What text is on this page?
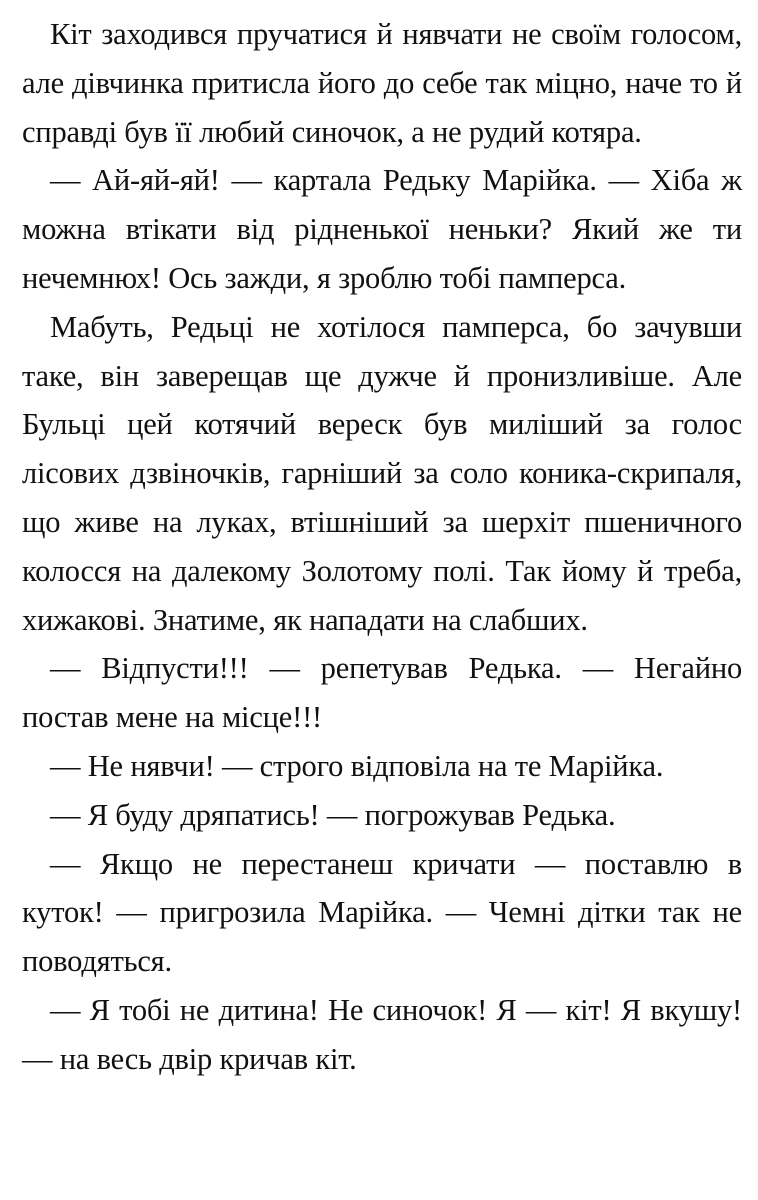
Кіт заходився пручатися й нявчати не своїм голосом, але дівчинка притисла його до себе так міцно, наче то й справді був її любий синочок, а не рудий котяра.

— Ай-яй-яй! — картала Редьку Марійка. — Хіба ж можна втікати від рідненької неньки? Який же ти нечемнюх! Ось зажди, я зроблю тобі памперса.

Мабуть, Редьці не хотілося памперса, бо зачувши таке, він заверещав ще дужче й пронизливіше. Але Бульці цей котячий вереск був миліший за голос лісових дзвіночків, гарніший за соло коника-скрипаля, що живе на луках, втішніший за шерхіт пшеничного колосся на далекому Золотому полі. Так йому й треба, хижакові. Знатиме, як нападати на слабших.

— Відпусти!!! — репетував Редька. — Негайно постав мене на місце!!!

— Не нявчи! — строго відповіла на те Марійка.

— Я буду дряпатись! — погрожував Редька.

— Якщо не перестанеш кричати — поставлю в куток! — пригрозила Марійка. — Чемні дітки так не поводяться.

— Я тобі не дитина! Не синочок! Я — кіт! Я вкушу! — на весь двір кричав кіт.
